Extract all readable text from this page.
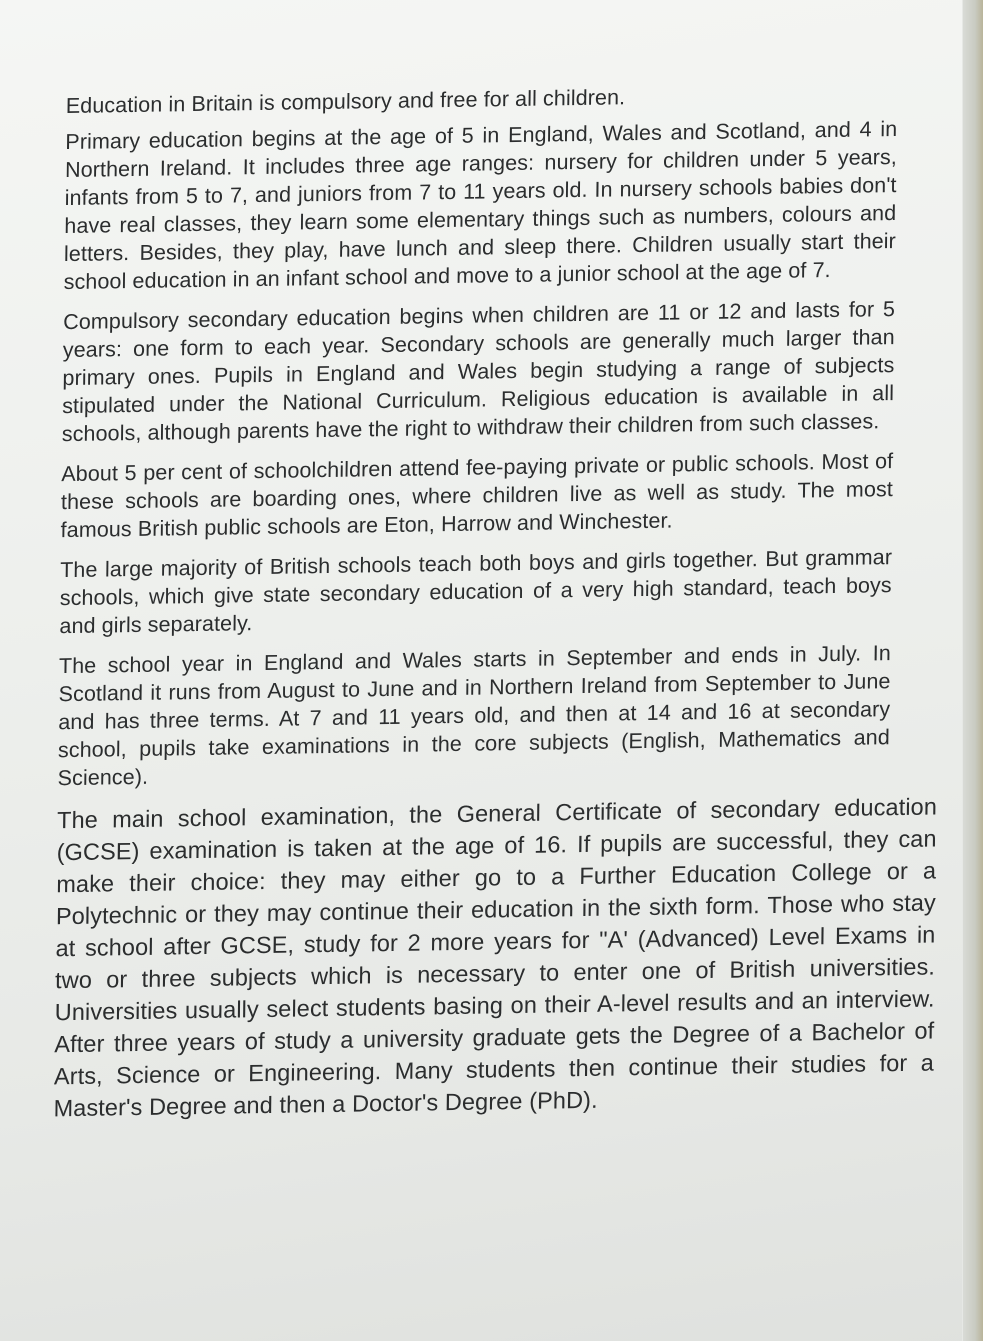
Education in Britain is compulsory and free for all children.

Primary education begins at the age of 5 in England, Wales and Scotland, and 4 in Northern Ireland. It includes three age ranges: nursery for children under 5 years, infants from 5 to 7, and juniors from 7 to 11 years old. In nursery schools babies don't have real classes, they learn some elementary things such as numbers, colours and letters. Besides, they play, have lunch and sleep there. Children usually start their school education in an infant school and move to a junior school at the age of 7.

Compulsory secondary education begins when children are 11 or 12 and lasts for 5 years: one form to each year. Secondary schools are generally much larger than primary ones. Pupils in England and Wales begin studying a range of subjects stipulated under the National Curriculum. Religious education is available in all schools, although parents have the right to withdraw their children from such classes.

About 5 per cent of schoolchildren attend fee-paying private or public schools. Most of these schools are boarding ones, where children live as well as study. The most famous British public schools are Eton, Harrow and Winchester.

The large majority of British schools teach both boys and girls together. But grammar schools, which give state secondary education of a very high standard, teach boys and girls separately.

The school year in England and Wales starts in September and ends in July. In Scotland it runs from August to June and in Northern Ireland from September to June and has three terms. At 7 and 11 years old, and then at 14 and 16 at secondary school, pupils take examinations in the core subjects (English, Mathematics and Science).

The main school examination, the General Certificate of secondary education (GCSE) examination is taken at the age of 16. If pupils are successful, they can make their choice: they may either go to a Further Education College or a Polytechnic or they may continue their education in the sixth form. Those who stay at school after GCSE, study for 2 more years for "A' (Advanced) Level Exams in two or three subjects which is necessary to enter one of British universities. Universities usually select students basing on their A-level results and an interview. After three years of study a university graduate gets the Degree of a Bachelor of Arts, Science or Engineering. Many students then continue their studies for a Master's Degree and then a Doctor's Degree (PhD).
